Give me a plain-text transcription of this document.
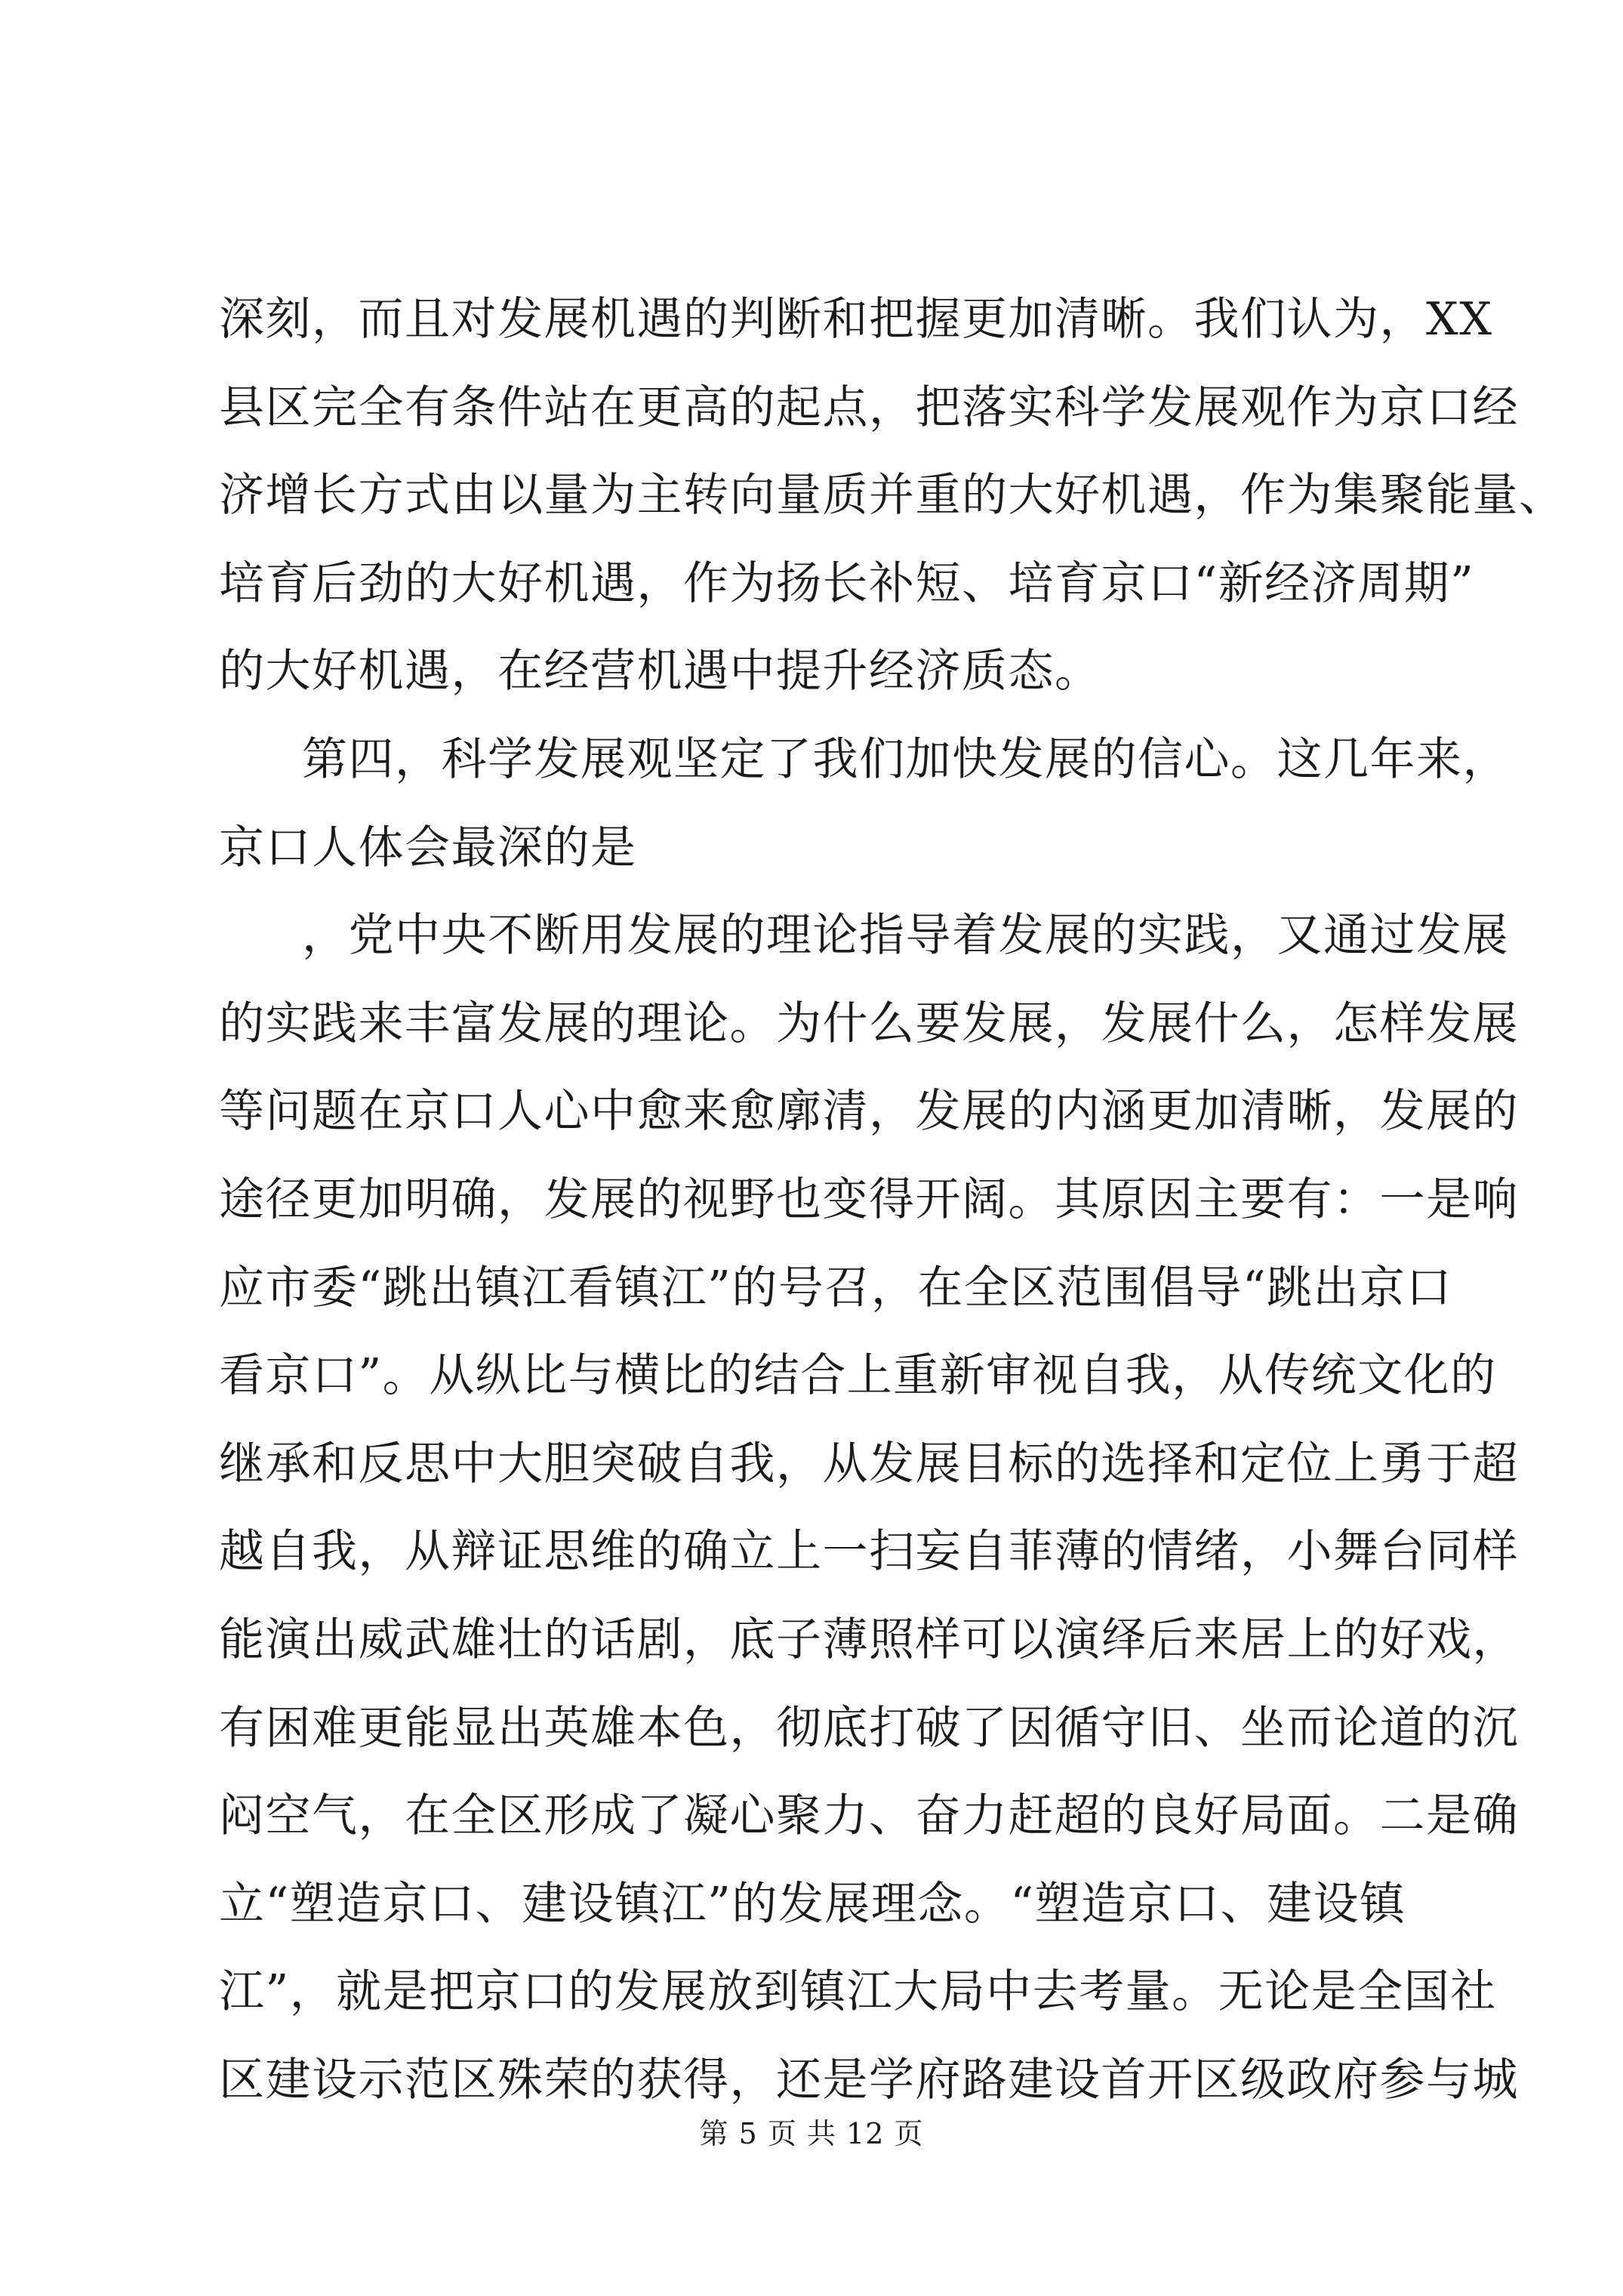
深刻，而且对发展机遇的判断和把握更加清晰。我们认为，XX
县区完全有条件站在更高的起点，把落实科学发展观作为京口经
济增长方式由以量为主转向量质并重的大好机遇，作为集聚能量、
培育后劲的大好机遇，作为扬长补短、培育京口“新经济周期”
的大好机遇，在经营机遇中提升经济质态。
第四，科学发展观坚定了我们加快发展的信心。这几年来，
京口人体会最深的是
，党中央不断用发展的理论指导着发展的实践，又通过发展
的实践来丰富发展的理论。为什么要发展，发展什么，怎样发展
等问题在京口人心中愈来愈廓清，发展的内涵更加清晰，发展的
途径更加明确，发展的视野也变得开阔。其原因主要有：一是响
应市委“跳出镇江看镇江”的号召，在全区范围倡导“跳出京口
看京口”。从纵比与横比的结合上重新审视自我，从传统文化的
继承和反思中大胆突破自我，从发展目标的选择和定位上勇于超
越自我，从辩证思维的确立上一扫妄自菲薄的情绪，小舞台同样
能演出威武雄壮的话剧，底子薄照样可以演绎后来居上的好戏，
有困难更能显出英雄本色，彻底打破了因循守旧、坐而论道的沉
闷空气，在全区形成了凝心聚力、奋力赶超的良好局面。二是确
立“塑造京口、建设镇江”的发展理念。“塑造京口、建设镇
江”，就是把京口的发展放到镇江大局中去考量。无论是全国社
区建设示范区殊荣的获得，还是学府路建设首开区级政府参与城
第 5 页 共 12 页
